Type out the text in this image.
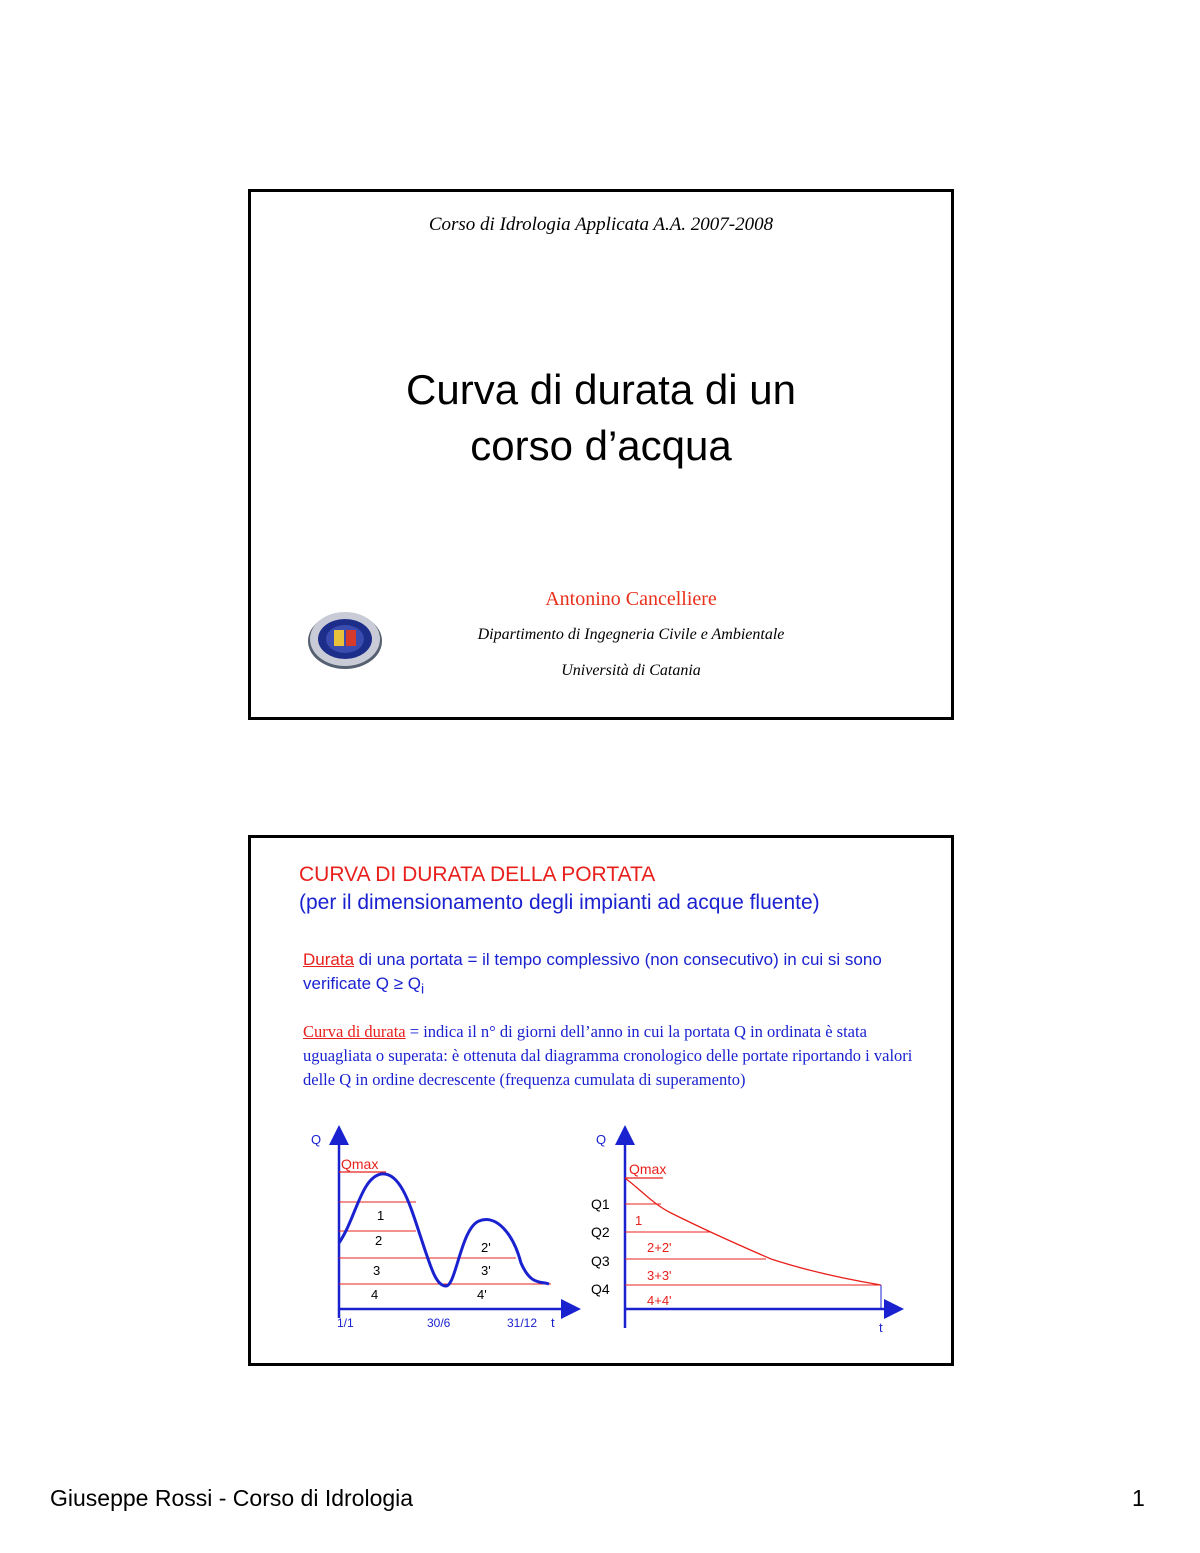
Corso di Idrologia Applicata A.A. 2007-2008
Curva di durata di un
corso d’acqua
Antonino Cancelliere
Dipartimento di Ingegneria Civile e Ambientale
Università di Catania
CURVA DI DURATA DELLA PORTATA
(per il dimensionamento degli impianti ad acque fluente)
Durata di una portata = il tempo complessivo (non consecutivo) in cui si sono verificate $Q \ge Q_i$
Curva di durata = indica il n° di giorni dell’anno in cui la portata Q in ordinata è stata uguagliata o superata: è ottenuta dal diagramma cronologico delle portate riportando i valori delle Q in ordine decrescente (frequenza cumulata di superamento)
Q
t
1/1	30/6	31/12
Qmax
1
2
3
4
2'
3'
4'
Q
t
Qmax
Q1
Q2
Q3
Q4
1
2+2'
3+3'
4+4'
Giuseppe Rossi - Corso di Idrologia	1
